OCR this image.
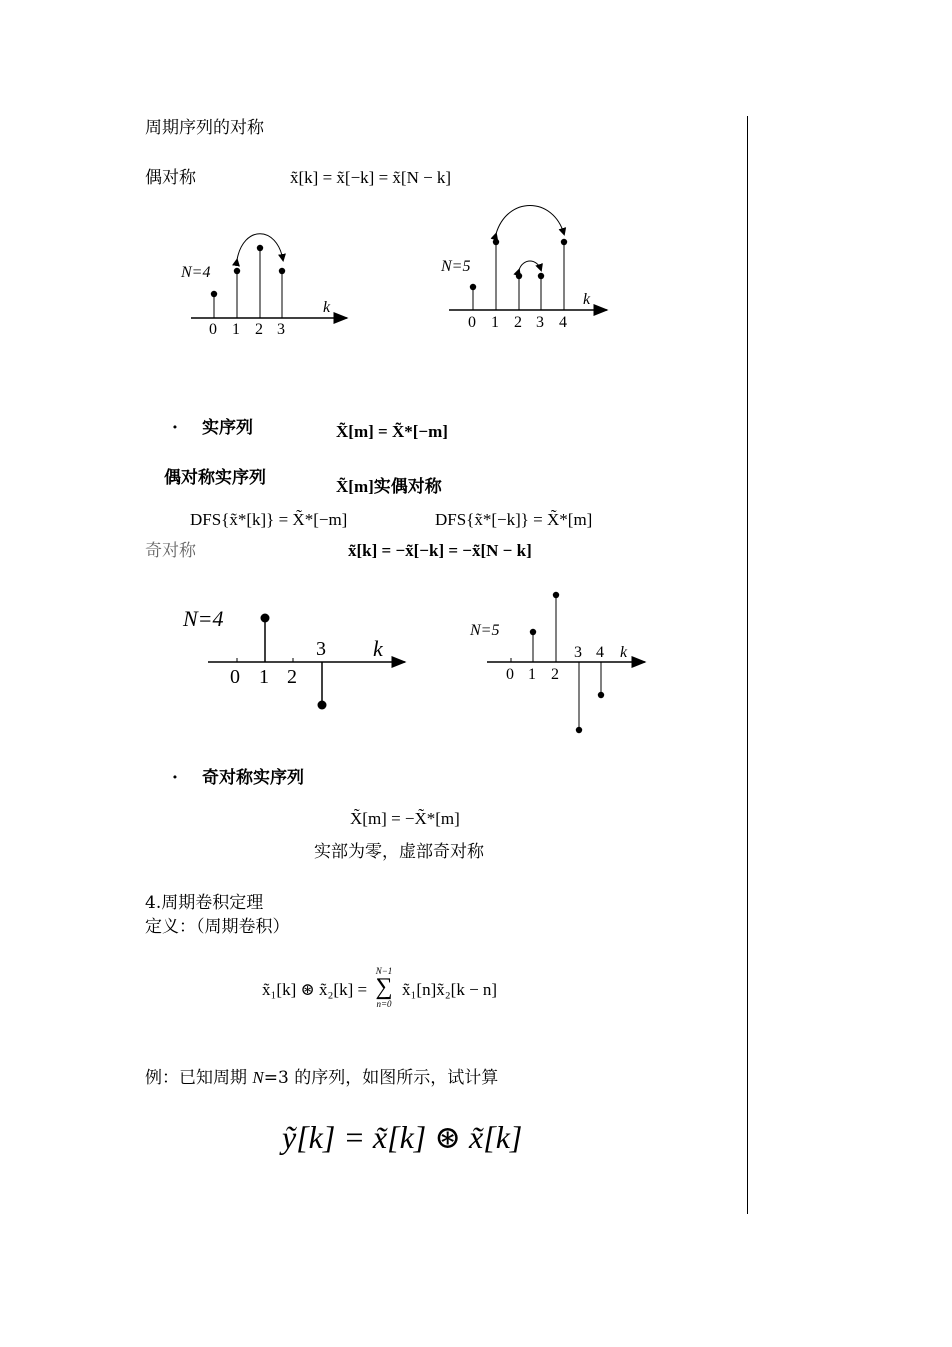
周期序列的对称
偶对称	x̃[k] = x̃[−k] = x̃[N − k]
N=4
k
0 1 2 3
N=5
k
0 1 2 3 4
· 实序列	X̃[m] = X̃*[−m]
偶对称实序列	X̃[m]实偶对称
DFS{x̃*[k]} = X̃*[−m]	DFS{x̃*[−k]} = X̃*[m]
奇对称	x̃[k] = −x̃[−k] = −x̃[N − k]
N=4
k
3
0 1 2
N=5
k
3 4
0 1 2
· 奇对称实序列
X̃[m] = −X̃*[m]
实部为零，虚部奇对称
4.周期卷积定理
定义：（周期卷积）
x̃₁[k] ⊛ x̃₂[k] =
N−1
∑
n=0
x̃₁[n]x̃₂[k − n]
例：已知周期 N=3 的序列，如图所示，试计算
ỹ[k] = x̃[k] ⊛ x̃[k]
